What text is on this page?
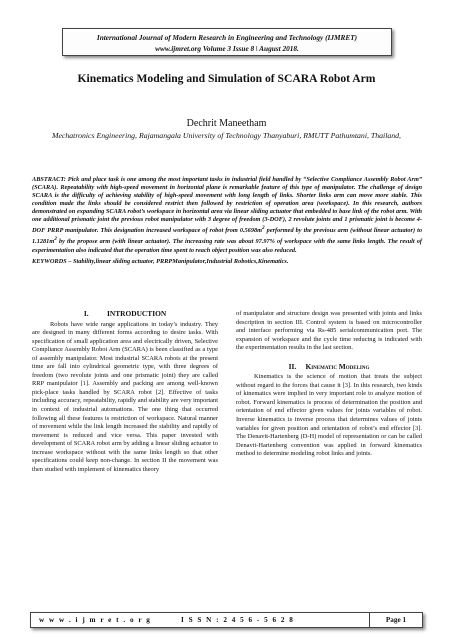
International Journal of Modern Research in Engineering and Technology (IJMRET)
www.ijmret.org Volume 3 Issue 8 ǀ August 2018.
Kinematics Modeling and Simulation of SCARA Robot Arm
Dechrit Maneetham
Mechatronics Engineering, Rajamangala University of Technology Thanyaburi, RMUTT Pathumtani, Thailand,
ABSTRACT: Pick and place task is one among the most important tasks in industrial field handled by “Selective Compliance Assembly Robot Arm” (SCARA). Repeatability with high-speed movement in horizontal plane is remarkable feature of this type of manipulator. The challenge of design SCARA is the difficulty of achieving stability of high-speed movement with long length of links. Shorter links arm can move more stable. This condition made the links should be considered restrict then followed by restriction of operation area (workspace). In this research, authors demonstrated on expanding SCARA robot’s workspace in horizontal area via linear sliding actuator that embedded to base link of the robot arm. With one additional prismatic joint the previous robot manipulator with 3 degree of freedom (3-DOF), 2 revolute joints and 1 prismatic joint is become 4-DOF PRRP manipulator. This designation increased workspace of robot from $0.5698m^2$ performed by the previous arm (without linear actuator) to $1.1281m^2$ by the propose arm (with linear actuator). The increasing rate was about 97.97% of workspace with the same links length. The result of experimentation also indicated that the operation time spent to reach object position was also reduced.
KEYWORDS – Stability,linear sliding actuator, PRRPManipulator,Industrial Robotics,Kinematics.
I.          INTRODUCTION

Robots have wide range applications in today’s industry. They are designed in many different forms according to desire tasks. With specification of small application area and electrically driven, Selective Compliance Assembly Robot Arm (SCARA) is been classified as a type of assembly manipulator. Most industrial SCARA robots at the present time are fall into cylindrical geometric type, with three degrees of freedom (two revolute joints and one prismatic joint) they are called RRP manipulator [1]. Assembly and packing are among well-known pick-place tasks handled by SCARA robot [2]. Effective of tasks including accuracy, repeatability, rapidly and stability are very important in context of industrial automations. The one thing that occurred following all these features is restriction of workspace. Natural manner of movement while the link length increased the stability and rapidly of movement is reduced and vice versa. This paper invested with development of SCARA robot arm by adding a linear sliding actuator to increase workspace without with the same links length so that other specifications could keep non-change. In section II the movement was then studied with implement of kinematics theory

of manipulator and structure design was presented with joints and links description in section III. Control system is based on microcontroller and interface performing via Rs-485 serialcommunication port. The expansion of workspace and the cycle time reducing is indicated with the experimentation results in the last section.

II. Kinematic Modeling

Kinematics is the science of motion that treats the subject without regard to the forces that cause it [3]. In this research, two kinds of kinematics were implied in very important role to analyze motion of robot. Forward kinematics is process of determination the position and orientation of end effector given values for joints variables of robot. Inverse kinematics is inverse process that determines values of joints variables for given position and orientation of robot’s end effector [3]. The Denavit-Hartenberg (D-H) model of representation or can be called Denavit-Hartenberg convention was applied in forward kinematics method to determine modeling robot links and joints.

w w w . i j m r e t . o r g	I S S N : 2 4 5 6 - 5 6 2 8	Page 1
